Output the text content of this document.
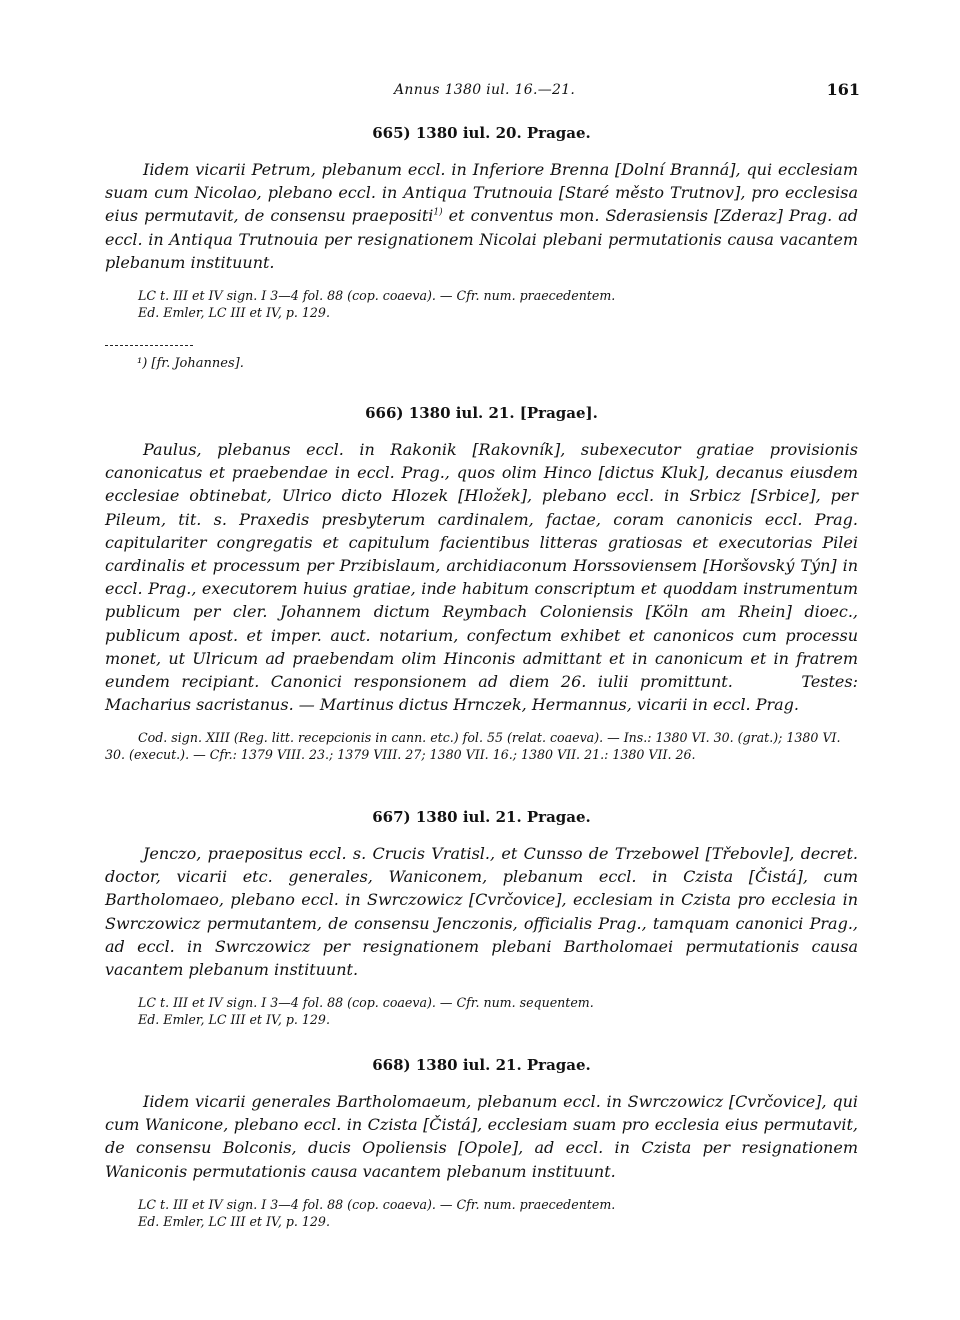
Annus 1380 iul. 16.—21.	161
665) 1380 iul. 20. Pragae.

Iidem vicarii Petrum, plebanum eccl. in Inferiore Brenna [Dolní Branná], qui ecclesiam suam cum Nicolao, plebano eccl. in Antiqua Trutnouia [Staré město Trutnov], pro ecclesisa eius permutavit, de consensu praepositi$^{1)}$ et conventus mon. Sderasiensis [Zderaz] Prag. ad eccl. in Antiqua Trutnouia per resignationem Nicolai plebani permutationis causa vacantem plebanum instituunt.

LC t. III et IV sign. I 3—4 fol. 88 (cop. coaeva). — Cfr. num. praecedentem.

Ed. Emler, LC III et IV, p. 129.

¹) [fr. Johannes].
666) 1380 iul. 21. [Pragae].

Paulus, plebanus eccl. in Rakonik [Rakovník], subexecutor gratiae provisionis canonicatus et praebendae in eccl. Prag., quos olim Hinco [dictus Kluk], decanus eiusdem ecclesiae obtinebat, Ulrico dicto Hlozek [Hložek], plebano eccl. in Srbicz [Srbice], per Pileum, tit. s. Praxedis presbyterum cardinalem, factae, coram canonicis eccl. Prag. capitulariter congregatis et capitulum facientibus litteras gratiosas et executorias Pilei cardinalis et processum per Przibislaum, archidiaconum Horssoviensem [Horšovský Týn] in eccl. Prag., executorem huius gratiae, inde habitum conscriptum et quoddam instrumentum publicum per cler. Johannem dictum Reymbach Coloniensis [Köln am Rhein] dioec., publicum apost. et imper. auct. notarium, confectum exhibet et canonicos cum processu monet, ut Ulricum ad praebendam olim Hinconis admittant et in canonicum et in fratrem eundem recipiant. Canonici responsionem ad diem 26. iulii promittunt.	Testes: Macharius sacristanus. — Martinus dictus Hrnczek, Hermannus, vicarii in eccl. Prag.

Cod. sign. XIII (Reg. litt. recepcionis in cann. etc.) fol. 55 (relat. coaeva). — Ins.: 1380 VI. 30. (grat.); 1380 VI. 30. (execut.). — Cfr.: 1379 VIII. 23.; 1379 VIII. 27; 1380 VII. 16.; 1380 VII. 21.: 1380 VII. 26.

667) 1380 iul. 21. Pragae.

Jenczo, praepositus eccl. s. Crucis Vratisl., et Cunsso de Trzebowel [Třebovle], decret. doctor, vicarii etc. generales, Waniconem, plebanum eccl. in Czista [Čistá], cum Bartholomaeo, plebano eccl. in Swrczowicz [Cvrčovice], ecclesiam in Czista pro ecclesia in Swrczowicz permutantem, de consensu Jenczonis, officialis Prag., tamquam canonici Prag., ad eccl. in Swrczowicz per resignationem plebani Bartholomaei permutationis causa vacantem plebanum instituunt.

LC t. III et IV sign. I 3—4 fol. 88 (cop. coaeva). — Cfr. num. sequentem.

Ed. Emler, LC III et IV, p. 129.

668) 1380 iul. 21. Pragae.

Iidem vicarii generales Bartholomaeum, plebanum eccl. in Swrczowicz [Cvrčovice], qui cum Wanicone, plebano eccl. in Czista [Čistá], ecclesiam suam pro ecclesia eius permutavit, de consensu Bolconis, ducis Opoliensis [Opole], ad eccl. in Czista per resignationem Waniconis permutationis causa vacantem plebanum instituunt.

LC t. III et IV sign. I 3—4 fol. 88 (cop. coaeva). — Cfr. num. praecedentem.

Ed. Emler, LC III et IV, p. 129.
